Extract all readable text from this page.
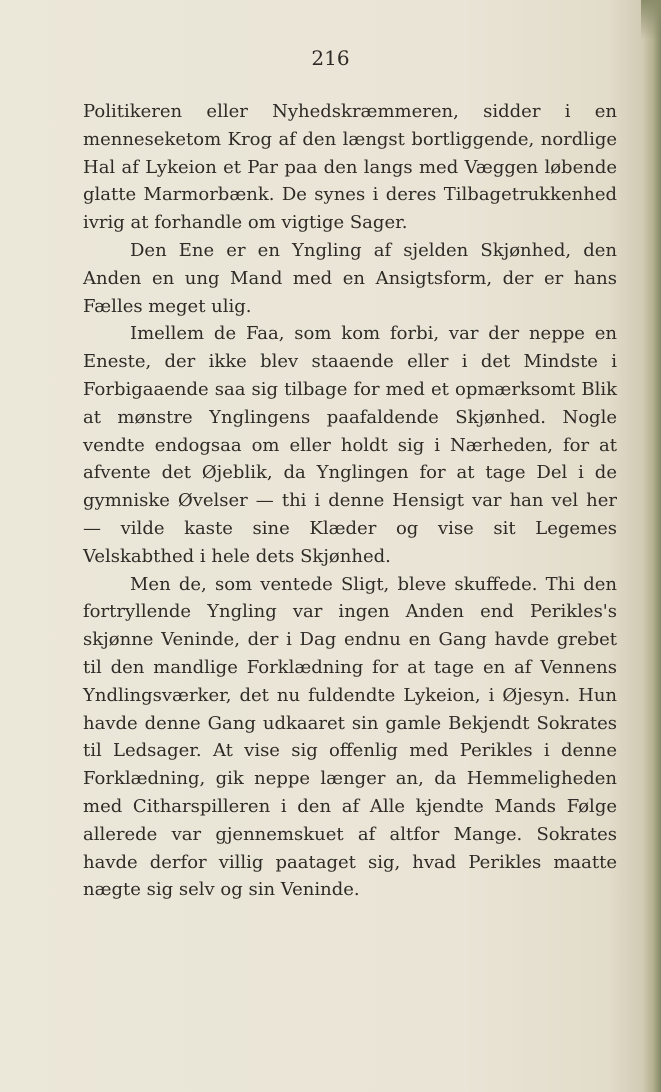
216

Politikeren eller Nyhedskræmmeren, sidder i en menneseketom Krog af den længst bortliggende, nordlige Hal af Lykeion et Par paa den langs med Væggen løbende glatte Marmorbænk. De synes i deres Tilbagetrukkenhed ivrig at forhandle om vigtige Sager.

Den Ene er en Yngling af sjelden Skjønhed, den Anden en ung Mand med en Ansigtsform, der er hans Fælles meget ulig.

Imellem de Faa, som kom forbi, var der neppe en Eneste, der ikke blev staaende eller i det Mindste i Forbigaaende saa sig tilbage for med et opmærksomt Blik at mønstre Ynglingens paafaldende Skjønhed. Nogle vendte endogsaa om eller holdt sig i Nærheden, for at afvente det Øjeblik, da Ynglingen for at tage Del i de gymniske Øvelser — thi i denne Hensigt var han vel her — vilde kaste sine Klæder og vise sit Legemes Velskabthed i hele dets Skjønhed.

Men de, som ventede Sligt, bleve skuffede. Thi den fortryllende Yngling var ingen Anden end Perikles's skjønne Veninde, der i Dag endnu en Gang havde grebet til den mandlige Forklædning for at tage en af Vennens Yndlingsværker, det nu fuldendte Lykeion, i Øjesyn. Hun havde denne Gang udkaaret sin gamle Bekjendt Sokrates til Ledsager. At vise sig offenlig med Perikles i denne Forklædning, gik neppe længer an, da Hemmeligheden med Citharspilleren i den af Alle kjendte Mands Følge allerede var gjennemskuet af altfor Mange. Sokrates havde derfor villig paataget sig, hvad Perikles maatte nægte sig selv og sin Veninde.
